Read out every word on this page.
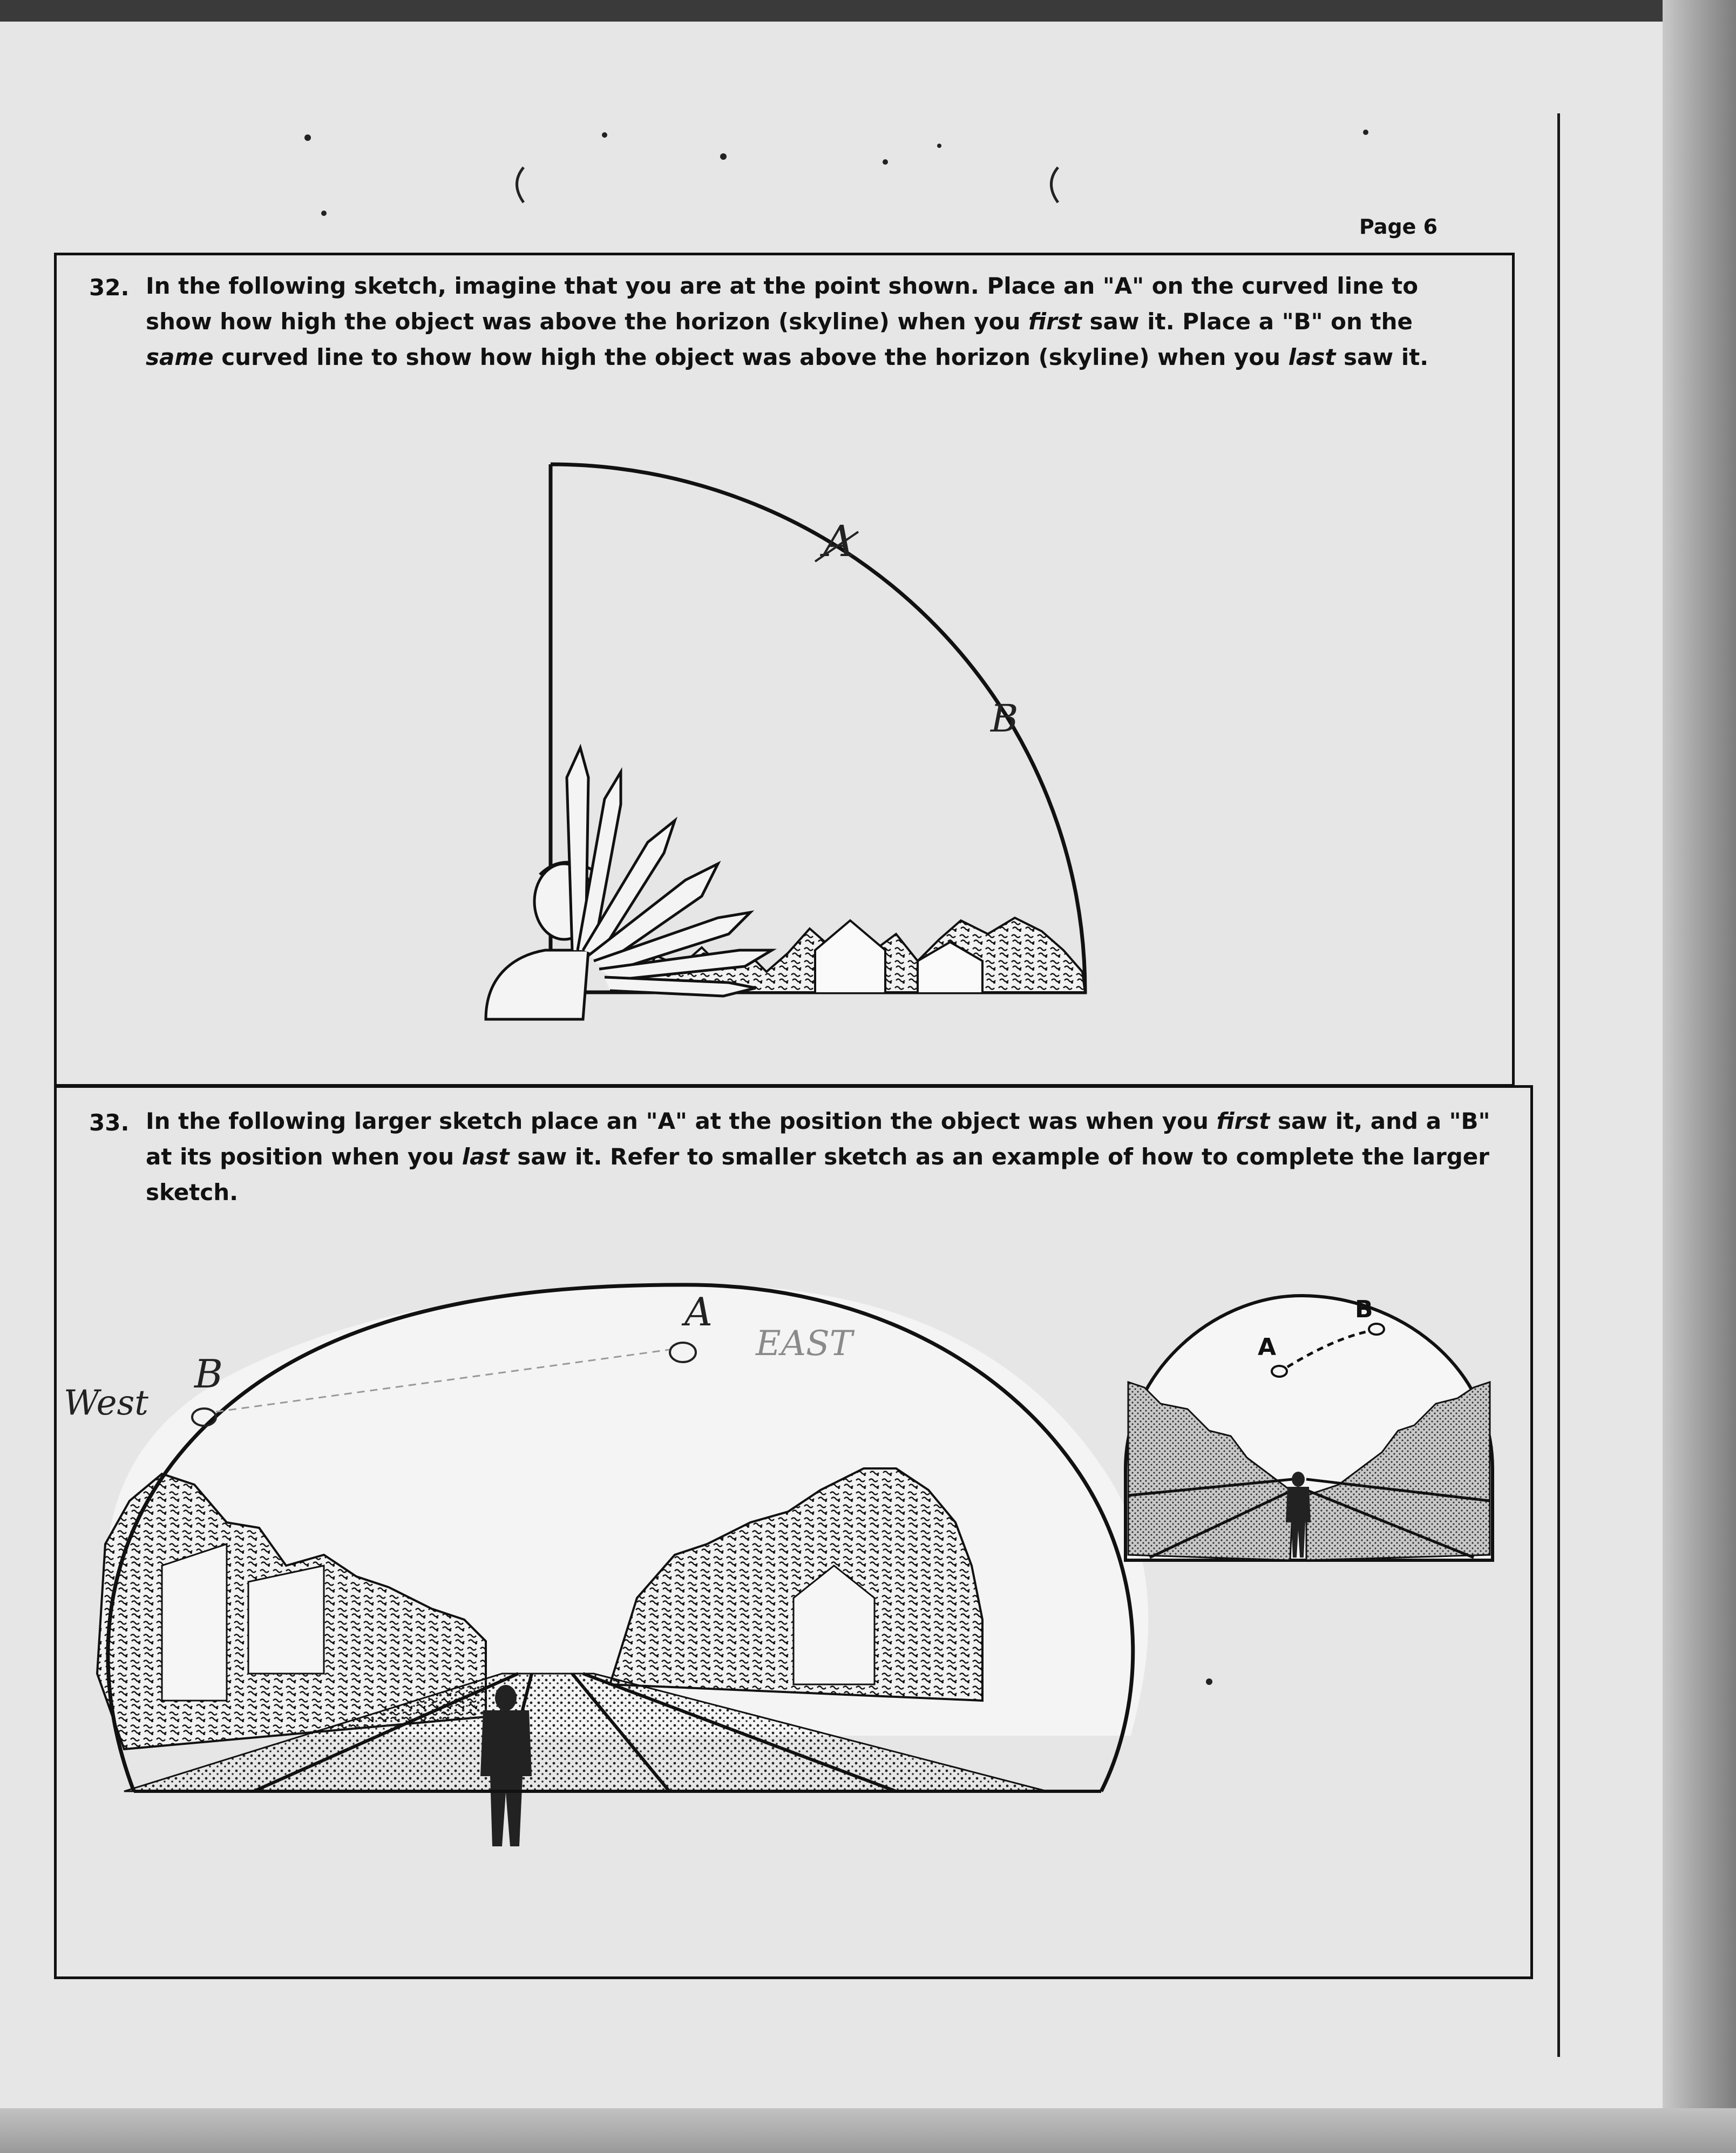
Page 6
32. In the following sketch, imagine that you are at the point shown. Place an "A" on the curved line to show how high the object was above the horizon (skyline) when you first saw it. Place a "B" on the same curved line to show how high the object was above the horizon (skyline) when you last saw it.
33. In the following larger sketch place an "A" at the position the object was when you first saw it, and a "B" at its position when you last saw it. Refer to smaller sketch as an example of how to complete the larger sketch.
A
B
B
West
A
EAST	A
B
